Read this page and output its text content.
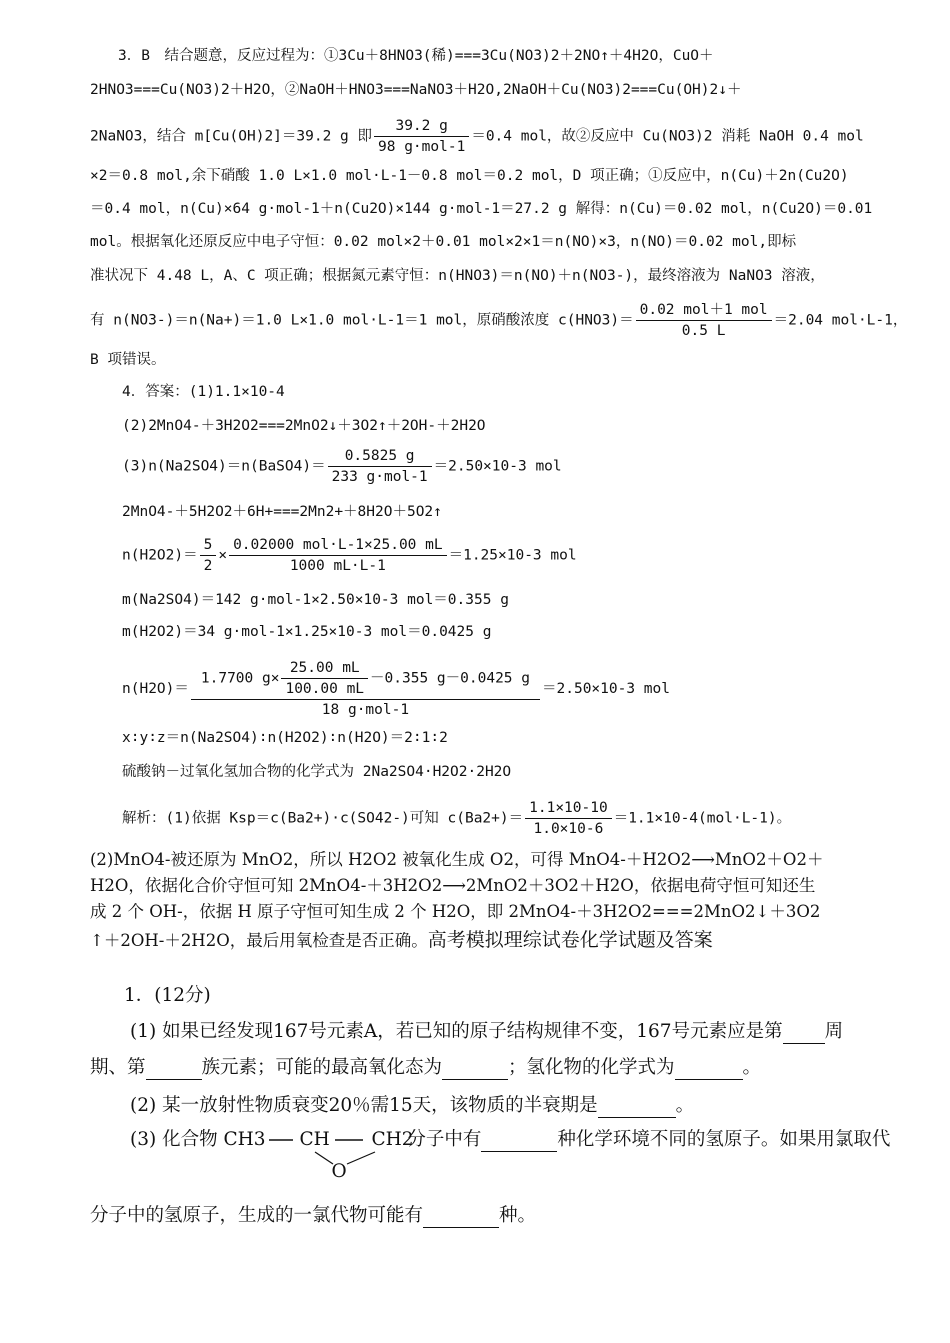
3．B　结合题意，反应过程为：①3Cu＋8HNO3(稀)===3Cu(NO3)2＋2NO↑＋4H2O，CuO＋
2HNO3===Cu(NO3)2＋H2O，②NaOH＋HNO3===NaNO3＋H2O,2NaOH＋Cu(NO3)2===Cu(OH)2↓＋
2NaNO3，结合 m[Cu(OH)2]＝39.2 g 即 $\frac{39.2 g}{\text{98 g·mol-1}} =0.4$ mol，故②反应中 Cu(NO3)2 消耗 NaOH 0.4 mol
×2＝0.8 mol,余下硝酸 1.0 L×1.0 mol·L-1－0.8 mol＝0.2 mol，D 项正确；①反应中，n(Cu)＋2n(Cu2O)
＝0.4 mol，n(Cu)×64 g·mol-1＋n(Cu2O)×144 g·mol-1＝27.2 g 解得：n(Cu)＝0.02 mol，n(Cu2O)＝0.01
mol。根据氧化还原反应中电子守恒：0.02 mol×2＋0.01 mol×2×1＝n(NO)×3，n(NO)＝0.02 mol,即标
准状况下 4.48 L，A、C 项正确；根据氮元素守恒：n(HNO3)＝n(NO)＋n(NO3-)，最终溶液为 NaNO3 溶液，
有 n(NO3-)＝n(Na+)＝1.0 L×1.0 mol·L-1＝1 mol，原硝酸浓度 $c(HNO3)= \frac{\text{0.02 mol＋1 mol}}{0.5 L} =2.04$ mol·L-1，
B 项错误。
4．答案：(1)1.1×10-4
(2)2MnO4-＋3H2O2===2MnO2↓＋3O2↑＋2OH-＋2H2O
(3)n(Na2SO4)＝n(BaSO4)＝ $\frac{0.5825 g}{\text{233 g·mol-1}} =2.50\times 10-3$ mol
2MnO4-＋5H2O2＋6H+===2Mn2+＋8H2O＋5O2↑
$n(H2O2)= \frac{5}{2} \times \frac{\text{0.02000 mol·L-1×25.00 mL}}{1000 mL\cdot L-1} =1.25\times 10-3$ mol
m(Na2SO4)＝142 g·mol-1×2.50×10-3 mol＝0.355 g
m(H2O2)＝34 g·mol-1×1.25×10-3 mol＝0.0425 g
$n(H2O)= \frac{1.7700 g\times \frac{25.00 mL}{100.00 mL} -0.355 g-0.0425 g}{\text{18 g·mol-1}} =2.50\times 10-3$ mol
x∶y∶z＝n(Na2SO4)∶n(H2O2)∶n(H2O)＝2∶1∶2
硫酸钠－过氧化氢加合物的化学式为 2Na2SO4·H2O2·2H2O
解析：(1)依据 Ksp＝c(Ba2+)·c(SO42-)可知 $c(Ba2+)= \frac{1.1\times 10-10}{1.0\times 10-6} =1.1\times 10-4(mol\cdot L-1)$。
(2)MnO4-被还原为 MnO2，所以 H2O2 被氧化生成 O2，可得 MnO4-＋H2O2⟶MnO2＋O2＋
H2O，依据化合价守恒可知 2MnO4-＋3H2O2⟶2MnO2＋3O2＋H2O，依据电荷守恒可知还生
成 2 个 OH-，依据 H 原子守恒可知生成 2 个 H2O，即 2MnO4-＋3H2O2===2MnO2↓＋3O2
↑＋2OH-＋2H2O，最后用氧检查是否正确。高考模拟理综试卷化学试题及答案
1．(12分)
(1) 如果已经发现167号元素A，若已知的原子结构规律不变，167号元素应是第 周
期、第	族元素；可能的最高氧化态为	；氢化物的化学式为	。
(2) 某一放射性物质衰变20％需15天，该物质的半衰期是	。
(3) 化合物 CH3 CH CH2
O
分子中有	种化学环境不同的氢原子。如果用氯取代
分子中的氢原子，生成的一氯代物可能有	种。
